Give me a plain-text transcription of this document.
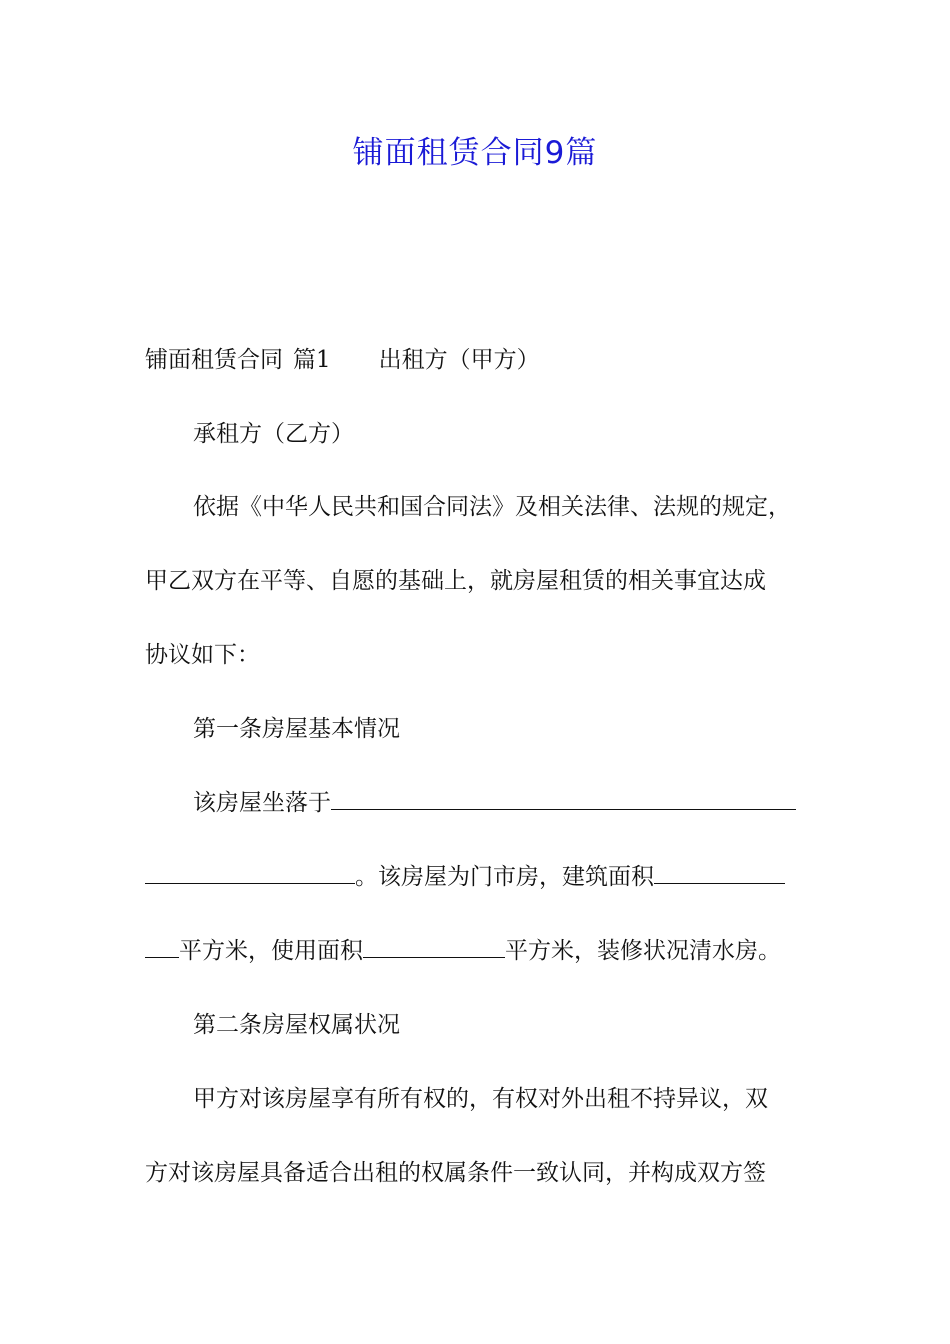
铺面租赁合同9篇

铺面租赁合同 篇1 出租方（甲方）

承租方（乙方）

依据《中华人民共和国合同法》及相关法律、法规的规定，

甲乙双方在平等、自愿的基础上，就房屋租赁的相关事宜达成

协议如下：

第一条房屋基本情况

该房屋坐落于

。该房屋为门市房，建筑面积

平方米，使用面积	平方米，装修状况清水房。

第二条房屋权属状况

甲方对该房屋享有所有权的，有权对外出租不持异议，双

方对该房屋具备适合出租的权属条件一致认同，并构成双方签
